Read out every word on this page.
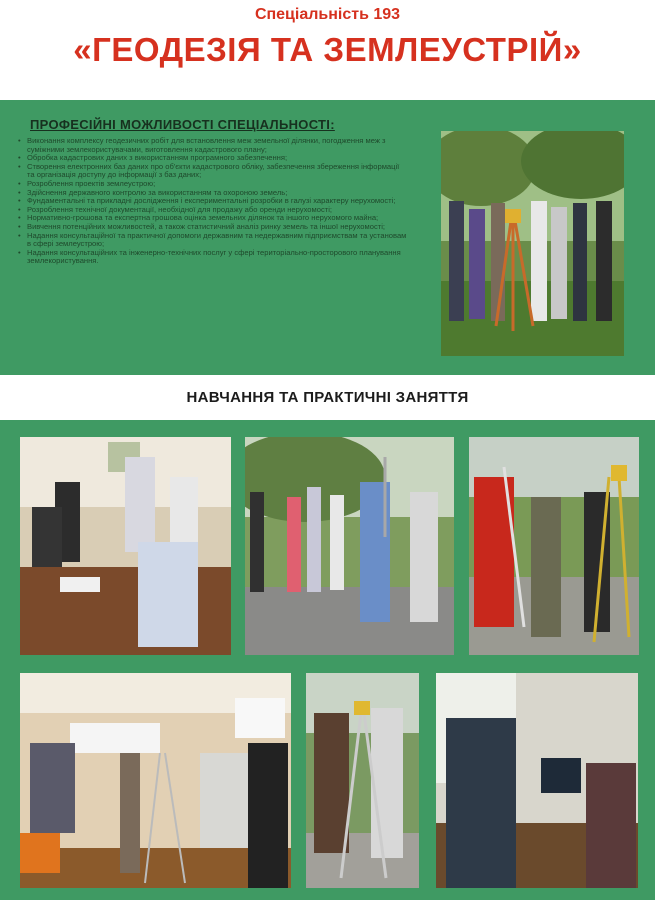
Спеціальність 193
«ГЕОДЕЗІЯ ТА ЗЕМЛЕУСТРІЙ»
ПРОФЕСІЙНІ МОЖЛИВОСТІ СПЕЦІАЛЬНОСТІ:
• Виконання комплексу геодезичних робіт для встановлення меж земельної ділянки, погодження меж з суміжними землекористувачами, виготовлення кадастрового плану;
• Обробка кадастрових даних з використанням програмного забезпечення;
• Створення електронних баз даних про об'єкти кадастрового обліку, забезпечення збереження інформації та організація доступу до інформації з баз даних;
• Розроблення проектів землеустрою;
• Здійснення державного контролю за використанням та охороною земель;
• Фундаментальні та прикладні дослідження і експериментальні розробки в галузі характеру нерухомості;
• Розроблення технічної документації, необхідної для продажу або оренди нерухомості;
• Нормативно-грошова та експертна грошова оцінка земельних ділянок та іншого нерухомого майна;
• Вивчення потенційних можливостей, а також статистичний аналіз ринку земель та іншої нерухомості;
• Надання консультаційної та практичної допомоги державним та недержавним підприємствам та установам в сфері землеустрою;
• Надання консультаційних та інженерно-технічних послуг у сфері територіально-просторового планування землекористування.
НАВЧАННЯ ТА ПРАКТИЧНІ ЗАНЯТТЯ
